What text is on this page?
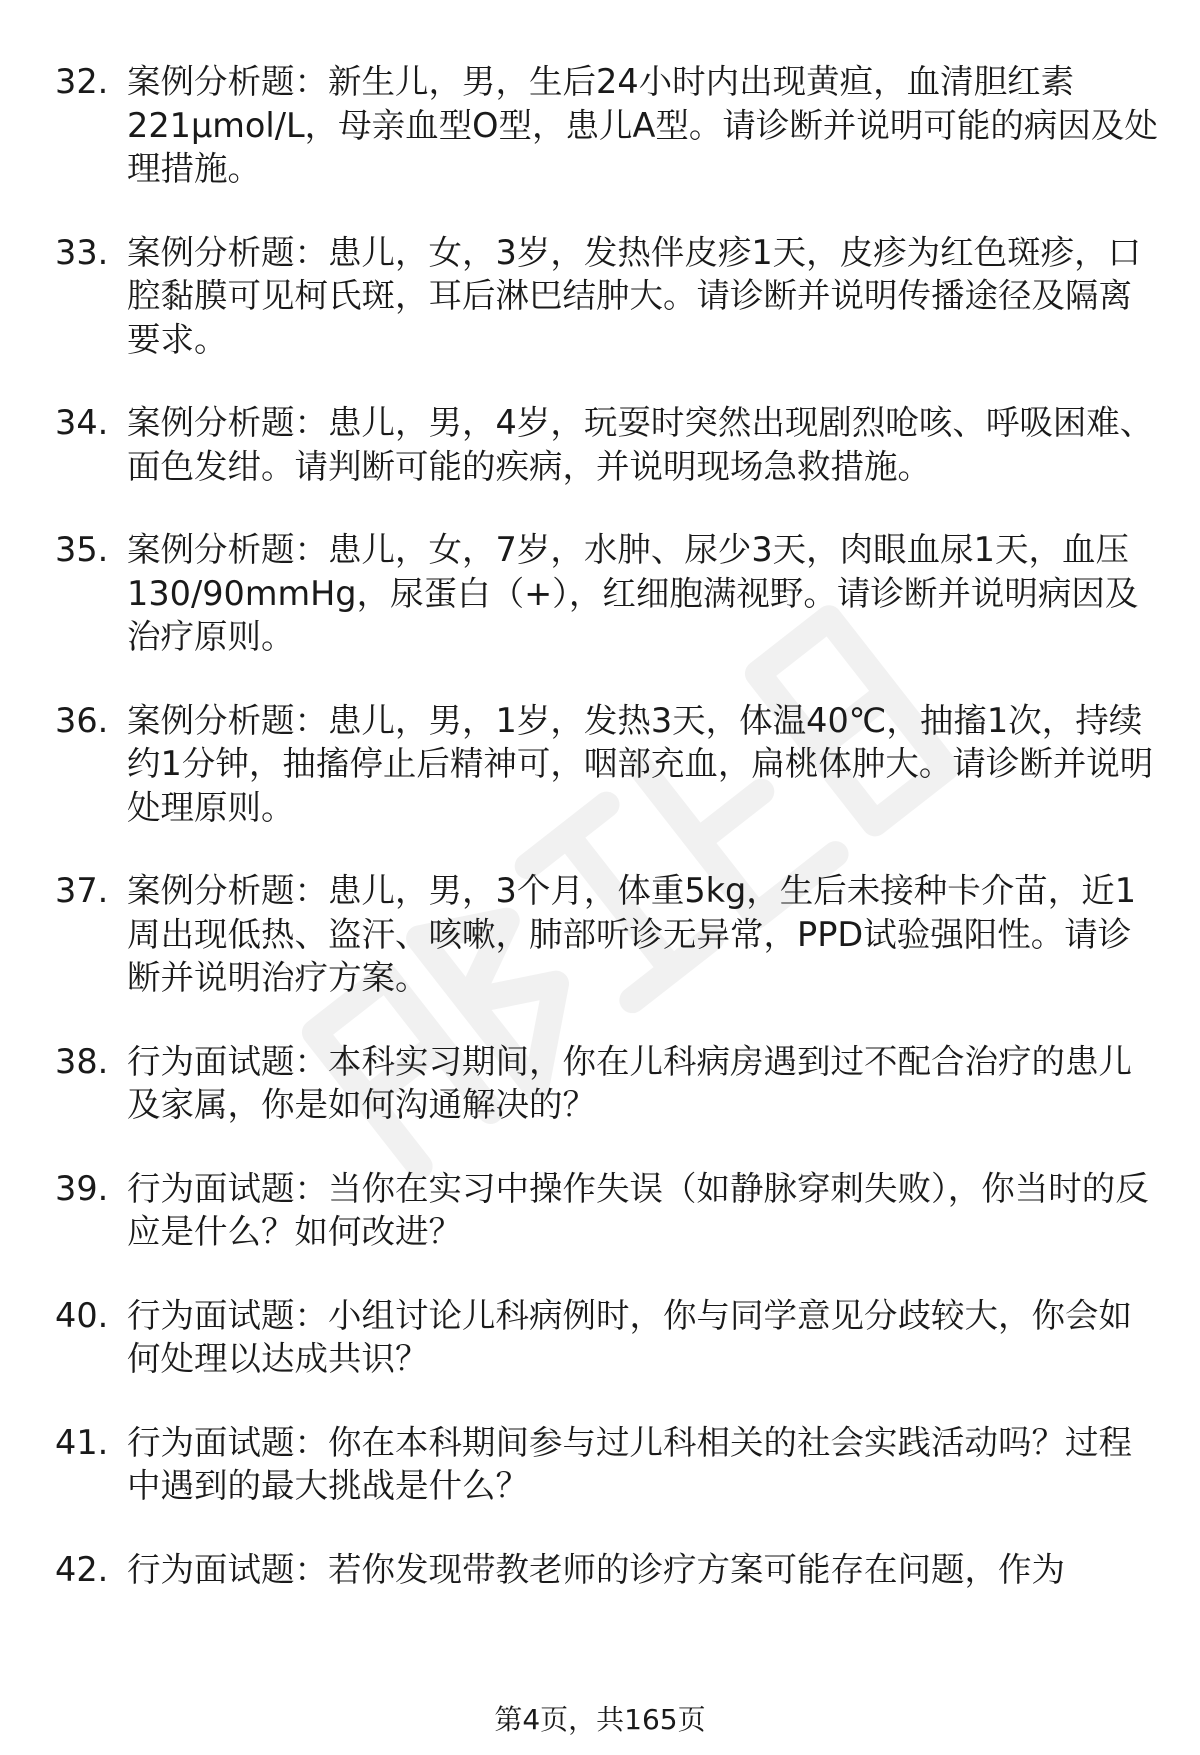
32. 案例分析题：新生儿，男，生后24小时内出现黄疸，血清胆红素221μmol/L，母亲血型O型，患儿A型。请诊断并说明可能的病因及处理措施。
33. 案例分析题：患儿，女，3岁，发热伴皮疹1天，皮疹为红色斑疹，口腔黏膜可见柯氏斑，耳后淋巴结肿大。请诊断并说明传播途径及隔离要求。
34. 案例分析题：患儿，男，4岁，玩耍时突然出现剧烈呛咳、呼吸困难、面色发绀。请判断可能的疾病，并说明现场急救措施。
35. 案例分析题：患儿，女，7岁，水肿、尿少3天，肉眼血尿1天，血压130/90mmHg，尿蛋白（+），红细胞满视野。请诊断并说明病因及治疗原则。
36. 案例分析题：患儿，男，1岁，发热3天，体温40℃，抽搐1次，持续约1分钟，抽搐停止后精神可，咽部充血，扁桃体肿大。请诊断并说明处理原则。
37. 案例分析题：患儿，男，3个月，体重5kg，生后未接种卡介苗，近1周出现低热、盗汗、咳嗽，肺部听诊无异常，PPD试验强阳性。请诊断并说明治疗方案。
38. 行为面试题：本科实习期间，你在儿科病房遇到过不配合治疗的患儿及家属，你是如何沟通解决的？
39. 行为面试题：当你在实习中操作失误（如静脉穿刺失败），你当时的反应是什么？如何改进？
40. 行为面试题：小组讨论儿科病例时，你与同学意见分歧较大，你会如何处理以达成共识？
41. 行为面试题：你在本科期间参与过儿科相关的社会实践活动吗？过程中遇到的最大挑战是什么？
42. 行为面试题：若你发现带教老师的诊疗方案可能存在问题，作为
第4页，共165页
